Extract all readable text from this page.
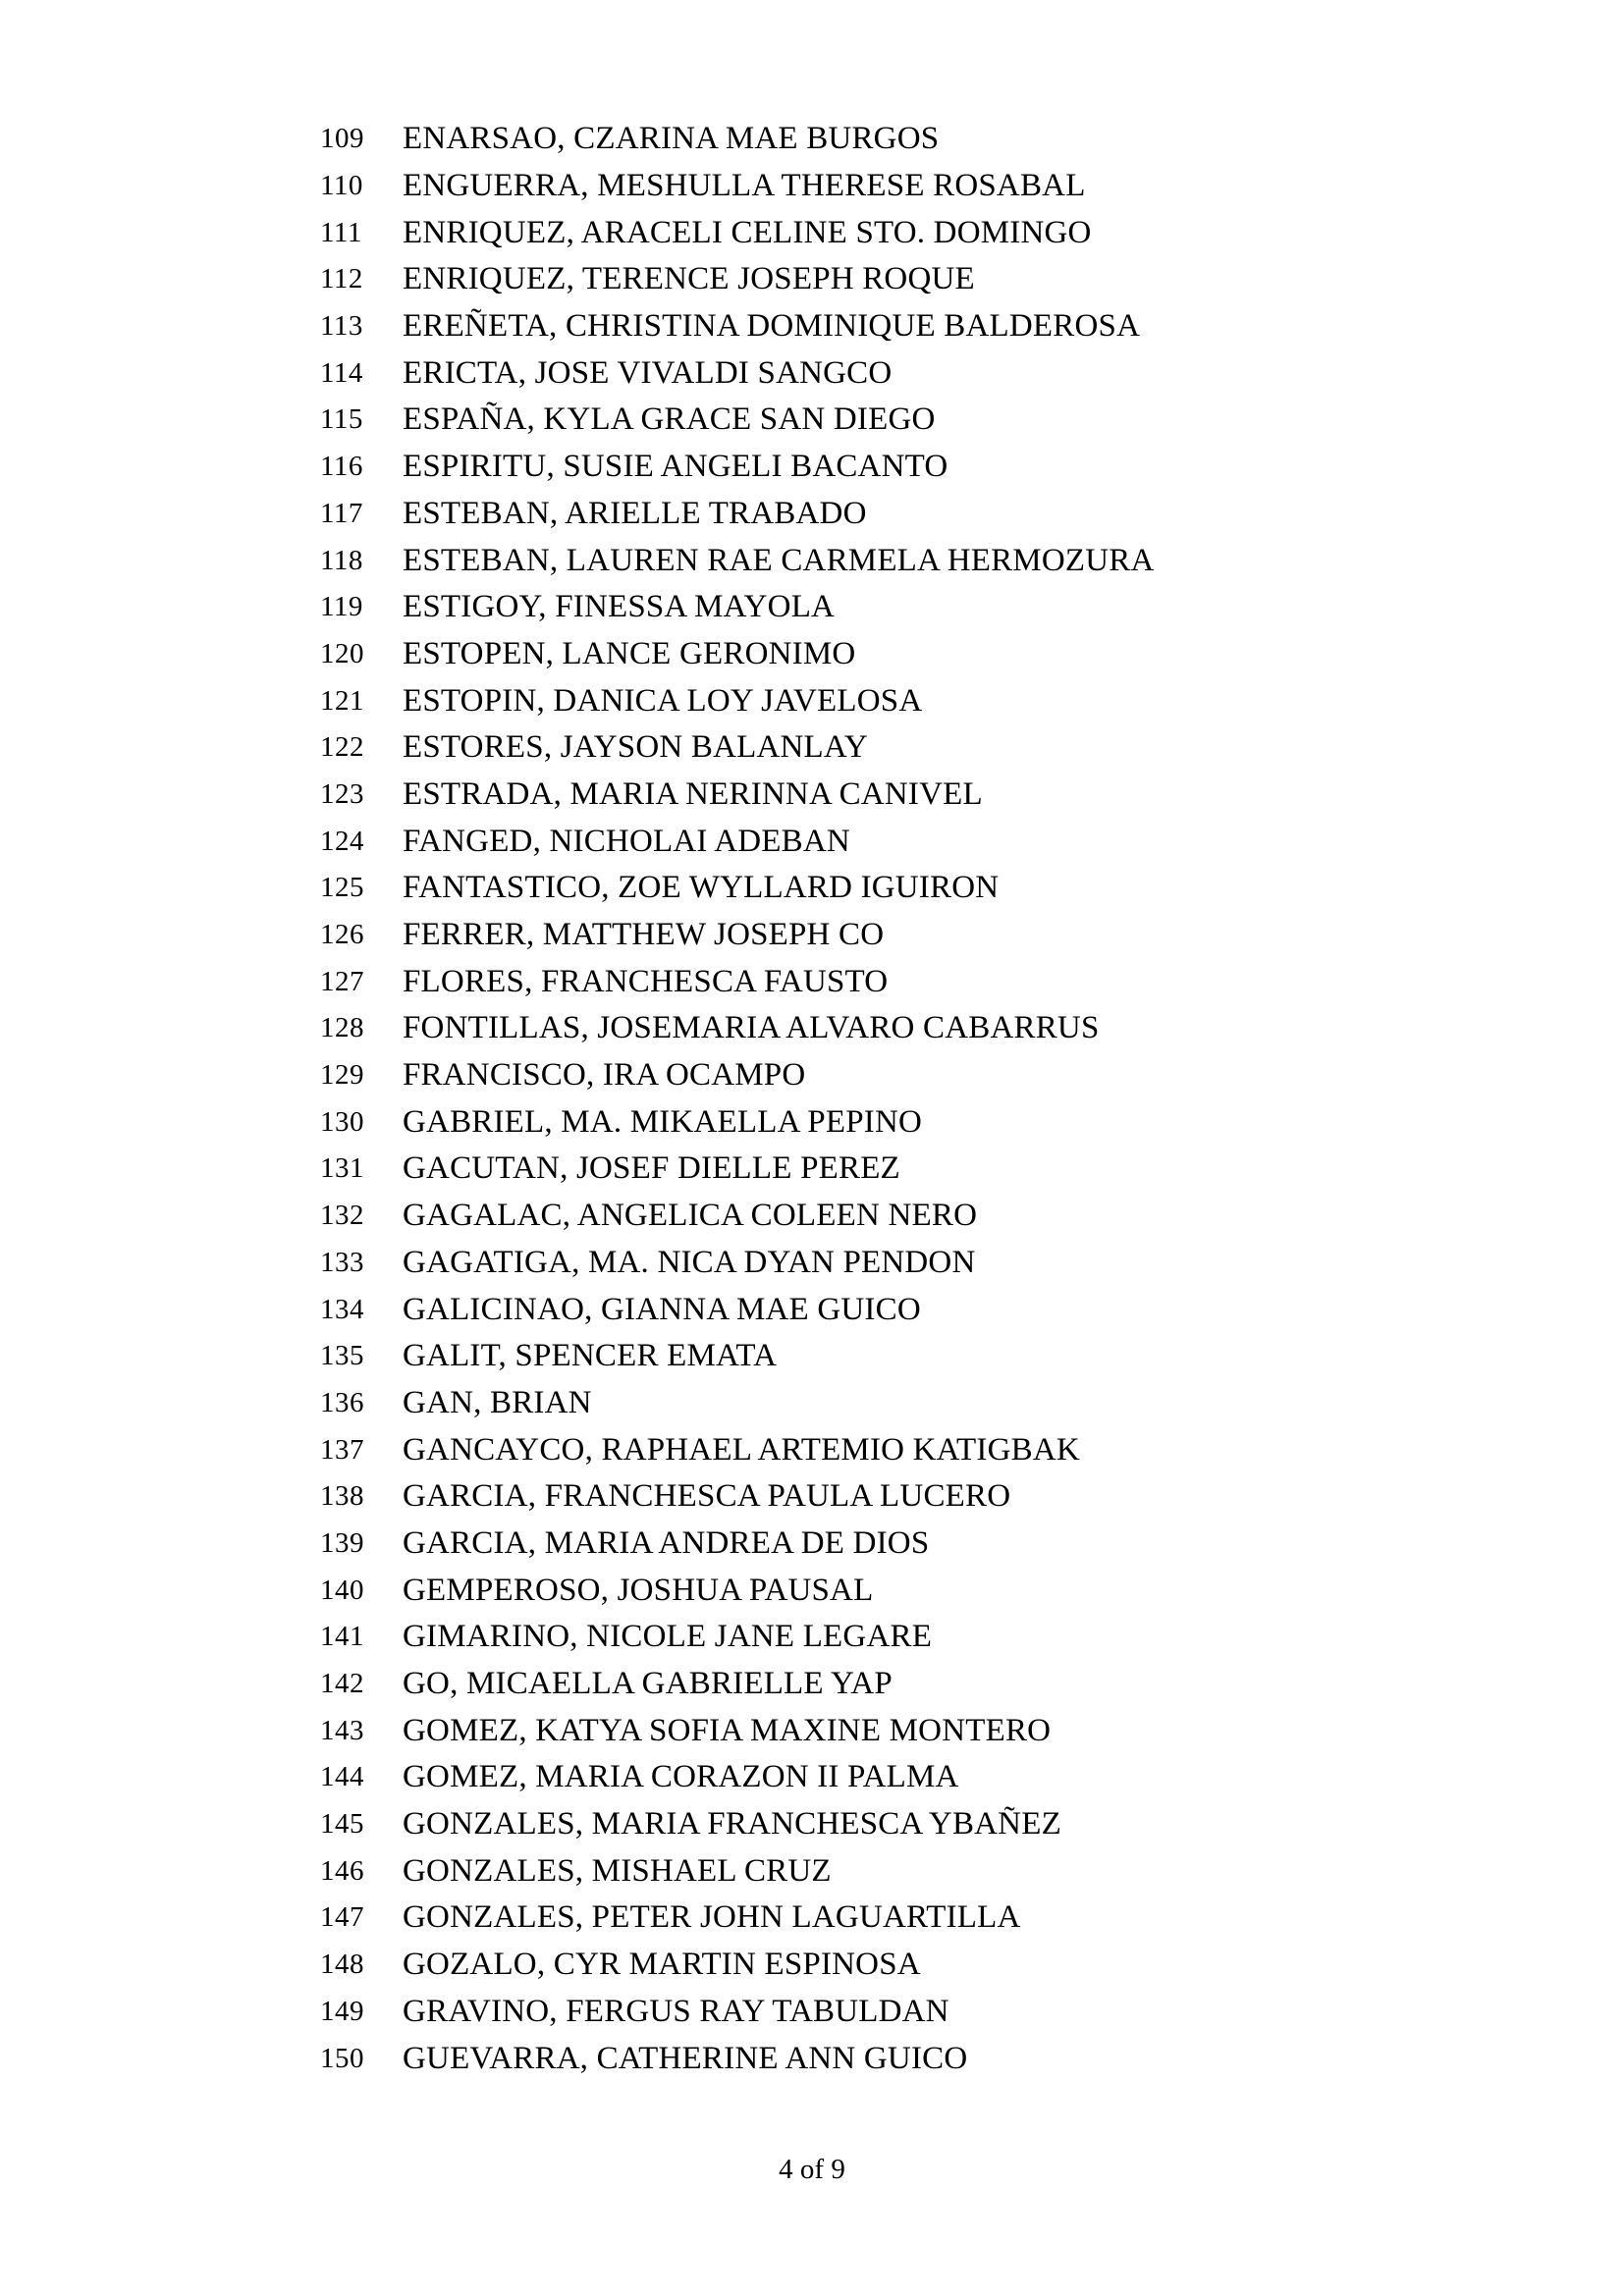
109	ENARSAO, CZARINA MAE BURGOS
110	ENGUERRA, MESHULLA THERESE ROSABAL
111	ENRIQUEZ, ARACELI CELINE STO. DOMINGO
112	ENRIQUEZ, TERENCE JOSEPH ROQUE
113	EREÑETA, CHRISTINA DOMINIQUE BALDEROSA
114	ERICTA, JOSE VIVALDI SANGCO
115	ESPAÑA, KYLA GRACE SAN DIEGO
116	ESPIRITU, SUSIE ANGELI BACANTO
117	ESTEBAN, ARIELLE TRABADO
118	ESTEBAN, LAUREN RAE CARMELA HERMOZURA
119	ESTIGOY, FINESSA MAYOLA
120	ESTOPEN, LANCE GERONIMO
121	ESTOPIN, DANICA LOY JAVELOSA
122	ESTORES, JAYSON BALANLAY
123	ESTRADA, MARIA NERINNA CANIVEL
124	FANGED, NICHOLAI ADEBAN
125	FANTASTICO, ZOE WYLLARD IGUIRON
126	FERRER, MATTHEW JOSEPH CO
127	FLORES, FRANCHESCA FAUSTO
128	FONTILLAS, JOSEMARIA ALVARO CABARRUS
129	FRANCISCO, IRA OCAMPO
130	GABRIEL, MA. MIKAELLA PEPINO
131	GACUTAN, JOSEF DIELLE PEREZ
132	GAGALAC, ANGELICA COLEEN NERO
133	GAGATIGA, MA. NICA DYAN PENDON
134	GALICINAO, GIANNA MAE GUICO
135	GALIT, SPENCER EMATA
136	GAN, BRIAN
137	GANCAYCO, RAPHAEL ARTEMIO KATIGBAK
138	GARCIA, FRANCHESCA PAULA LUCERO
139	GARCIA, MARIA ANDREA DE DIOS
140	GEMPEROSO, JOSHUA PAUSAL
141	GIMARINO, NICOLE JANE LEGARE
142	GO, MICAELLA GABRIELLE YAP
143	GOMEZ, KATYA SOFIA MAXINE MONTERO
144	GOMEZ, MARIA CORAZON II PALMA
145	GONZALES, MARIA FRANCHESCA YBAÑEZ
146	GONZALES, MISHAEL CRUZ
147	GONZALES, PETER JOHN LAGUARTILLA
148	GOZALO, CYR MARTIN ESPINOSA
149	GRAVINO, FERGUS RAY TABULDAN
150	GUEVARRA, CATHERINE ANN GUICO
4 of 9
